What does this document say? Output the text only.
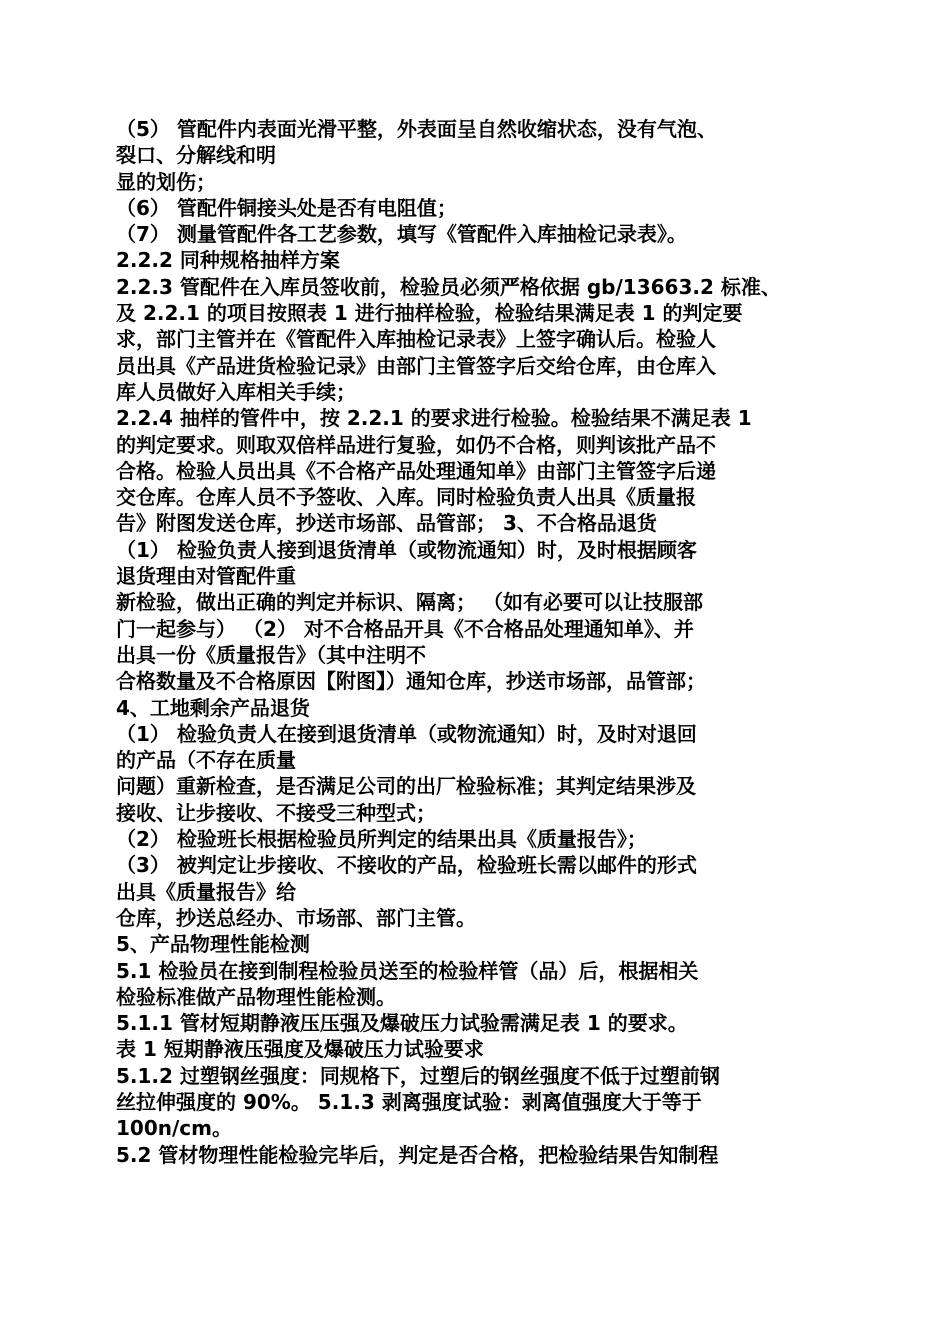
（5） 管配件内表面光滑平整，外表面呈自然收缩状态，没有气泡、
裂口、分解线和明
显的划伤；
（6） 管配件铜接头处是否有电阻值；
（7） 测量管配件各工艺参数，填写《管配件入库抽检记录表》。
2.2.2 同种规格抽样方案
2.2.3 管配件在入库员签收前，检验员必须严格依据 gb/13663.2 标准、
及 2.2.1 的项目按照表 1 进行抽样检验，检验结果满足表 1 的判定要
求，部门主管并在《管配件入库抽检记录表》上签字确认后。检验人
员出具《产品进货检验记录》由部门主管签字后交给仓库，由仓库入
库人员做好入库相关手续；
2.2.4 抽样的管件中，按 2.2.1 的要求进行检验。检验结果不满足表 1
的判定要求。则取双倍样品进行复验，如仍不合格，则判该批产品不
合格。检验人员出具《不合格产品处理通知单》由部门主管签字后递
交仓库。仓库人员不予签收、入库。同时检验负责人出具《质量报
告》附图发送仓库，抄送市场部、品管部； 3、不合格品退货
（1） 检验负责人接到退货清单（或物流通知）时，及时根据顾客
退货理由对管配件重
新检验，做出正确的判定并标识、隔离； （如有必要可以让技服部
门一起参与） （2） 对不合格品开具《不合格品处理通知单》、并
出具一份《质量报告》（其中注明不
合格数量及不合格原因【附图】）通知仓库，抄送市场部，品管部；
4、工地剩余产品退货
（1） 检验负责人在接到退货清单（或物流通知）时，及时对退回
的产品（不存在质量
问题）重新检查，是否满足公司的出厂检验标准；其判定结果涉及
接收、让步接收、不接受三种型式；
（2） 检验班长根据检验员所判定的结果出具《质量报告》；
（3） 被判定让步接收、不接收的产品，检验班长需以邮件的形式
出具《质量报告》给
仓库，抄送总经办、市场部、部门主管。
5、产品物理性能检测
5.1 检验员在接到制程检验员送至的检验样管（品）后，根据相关
检验标准做产品物理性能检测。
5.1.1 管材短期静液压压强及爆破压力试验需满足表 1 的要求。
表 1 短期静液压强度及爆破压力试验要求
5.1.2 过塑钢丝强度：同规格下，过塑后的钢丝强度不低于过塑前钢
丝拉伸强度的 90%。 5.1.3 剥离强度试验：剥离值强度大于等于
100n/cm。
5.2 管材物理性能检验完毕后，判定是否合格，把检验结果告知制程
